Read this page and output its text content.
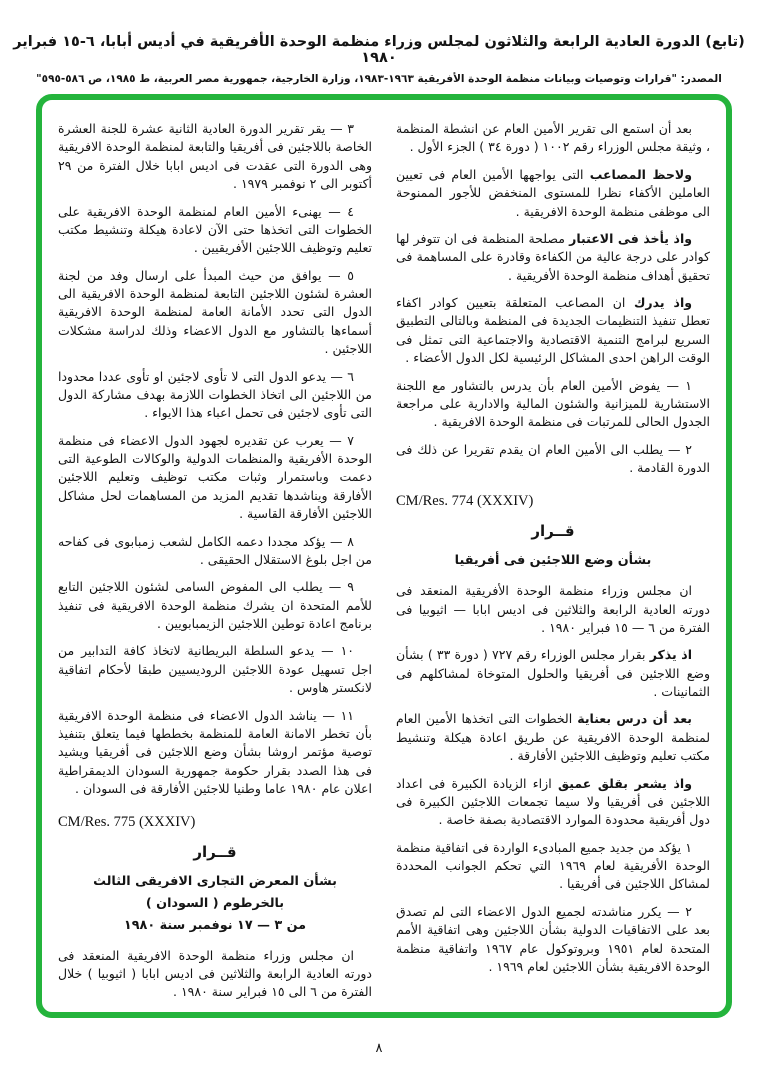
(تابع) الدورة العادية الرابعة والثلاثون لمجلس وزراء منظمة الوحدة الأفريقية في أديس أبابا، ٦-١٥ فبراير ١٩٨٠
المصدر: "قرارات وتوصيات وبيانات منظمة الوحدة الأفريقية ١٩٦٣-١٩٨٣، وزارة الخارجية، جمهورية مصر العربية، ط ١٩٨٥، ص ٥٨٦-٥٩٥"

بعد أن استمع الى تقرير الأمين العام عن انشطة المنظمة ، وثيقة مجلس الوزراء رقم ١٠٠٢ ( دورة ٣٤ ) الجزء الأول .

ولاحظ المصاعب التى يواجهها الأمين العام فى تعيين العاملين الأكفاء نظرا للمستوى المنخفض للأجور الممنوحة الى موظفى منظمة الوحدة الافريقية .

واذ يأخذ فى الاعتبار مصلحة المنظمة فى ان تتوفر لها كوادر على درجة عالية من الكفاءة وقادرة على المساهمة فى تحقيق أهداف منظمة الوحدة الأفريقية .

واذ يدرك ان المصاعب المتعلقة بتعيين كوادر اكفاء تعطل تنفيذ التنظيمات الجديدة فى المنظمة وبالتالى التطبيق السريع لبرامج التنمية الاقتصادية والاجتماعية التى تمثل فى الوقت الراهن احدى المشاكل الرئيسية لكل الدول الأعضاء .

١ — يفوض الأمين العام بأن يدرس بالتشاور مع اللجنة الاستشارية للميزانية والشئون المالية والادارية على مراجعة الجدول الحالى للمرتبات فى منظمة الوحدة الافريقية .

٢ — يطلب الى الأمين العام ان يقدم تقريرا عن ذلك فى الدورة القادمة .

CM/Res. 774 (XXXIV)
قــرار
بشأن وضع اللاجئين فى أفريقيا

ان مجلس وزراء منظمة الوحدة الأفريقية المنعقد فى دورته العادية الرابعة والثلاثين فى اديس ابابا — اثيوبيا فى الفترة من ٦ — ١٥ فبراير ١٩٨٠ .

اذ يذكر بقرار مجلس الوزراء رقم ٧٢٧ ( دورة ٣٣ ) بشأن وضع اللاجئين فى أفريقيا والحلول المتوخاة لمشاكلهم فى الثمانينات .

بعد أن درس بعناية الخطوات التى اتخذها الأمين العام لمنظمة الوحدة الافريقية عن طريق اعادة هيكلة وتنشيط مكتب تعليم وتوظيف اللاجئين الأفارقة .

واذ يشعر بقلق عميق ازاء الزيادة الكبيرة فى اعداد اللاجئين فى أفريقيا ولا سيما تجمعات اللاجئين الكبيرة فى دول أفريقية محدودة الموارد الاقتصادية بصفة خاصة .

١ يؤكد من جديد جميع المبادىء الواردة فى اتفاقية منظمة الوحدة الأفريقية لعام ١٩٦٩ التي تحكم الجوانب المحددة لمشاكل اللاجئين فى أفريقيا .

٢ — يكرر مناشدته لجميع الدول الاعضاء التى لم تصدق بعد على الاتفاقيات الدولية بشأن اللاجئين وهى اتفاقية الأمم المتحدة لعام ١٩٥١ وبروتوكول عام ١٩٦٧ واتفاقية منظمة الوحدة الافريقية بشأن اللاجئين لعام ١٩٦٩ .

٣ — يقر تقرير الدورة العادية الثانية عشرة للجنة العشرة الخاصة باللاجئين فى أفريقيا والتابعة لمنظمة الوحدة الافريقية وهى الدورة التى عقدت فى اديس ابابا خلال الفترة من ٢٩ أكتوبر الى ٢ نوفمبر ١٩٧٩ .

٤ — يهنىء الأمين العام لمنظمة الوحدة الافريقية على الخطوات التى اتخذها حتى الآن لاعادة هيكلة وتنشيط مكتب تعليم وتوظيف اللاجئين الأفريقيين .

٥ — يوافق من حيث المبدأ على ارسال وفد من لجنة العشرة لشئون اللاجئين التابعة لمنظمة الوحدة الافريقية الى الدول التى تحدد الأمانة العامة لمنظمة الوحدة الافريقية أسماءها بالتشاور مع الدول الاعضاء وذلك لدراسة مشكلات اللاجئين .

٦ — يدعو الدول التى لا تأوى لاجئين او تأوى عددا محدودا من اللاجئين الى اتخاذ الخطوات اللازمة بهدف مشاركة الدول التى تأوى لاجئين فى تحمل اعباء هذا الايواء .

٧ — يعرب عن تقديره لجهود الدول الاعضاء فى منظمة الوحدة الأفريقية والمنظمات الدولية والوكالات الطوعية التى دعمت وباستمرار وثبات مكتب توظيف وتعليم اللاجئين الأفارقة ويناشدها تقديم المزيد من المساهمات لحل مشاكل اللاجئين الأفارقة القاسية .

٨ — يؤكد مجددا دعمه الكامل لشعب زمبابوى فى كفاحه من اجل بلوغ الاستقلال الحقيقى .

٩ — يطلب الى المفوض السامى لشئون اللاجئين التابع للأمم المتحدة ان يشرك منظمة الوحدة الافريقية فى تنفيذ برنامج اعادة توطين اللاجئين الزيمبابويين .

١٠ — يدعو السلطة البريطانية لاتخاذ كافة التدابير من اجل تسهيل عودة اللاجئين الروديسيين طبقا لأحكام اتفاقية لانكستر هاوس .

١١ — يناشد الدول الاعضاء فى منظمة الوحدة الافريقية بأن تخطر الامانة العامة للمنظمة بخططها فيما يتعلق بتنفيذ توصية مؤتمر اروشا بشأن وضع اللاجئين فى أفريقيا ويشيد فى هذا الصدد بقرار حكومة جمهورية السودان الديمقراطية اعلان عام ١٩٨٠ عاما وطنيا للاجئين الأفارقة فى السودان .

CM/Res. 775 (XXXIV)
قــرار
بشأن المعرض التجارى الافريقى الثالث
بالخرطوم ( السودان )
من ٣ — ١٧ نوفمبر سنة ١٩٨٠

ان مجلس وزراء منظمة الوحدة الافريقية المنعقد فى دورته العادية الرابعة والثلاثين فى اديس ابابا ( اثيوبيا ) خلال الفترة من ٦ الى ١٥ فبراير سنة ١٩٨٠ .

٨
